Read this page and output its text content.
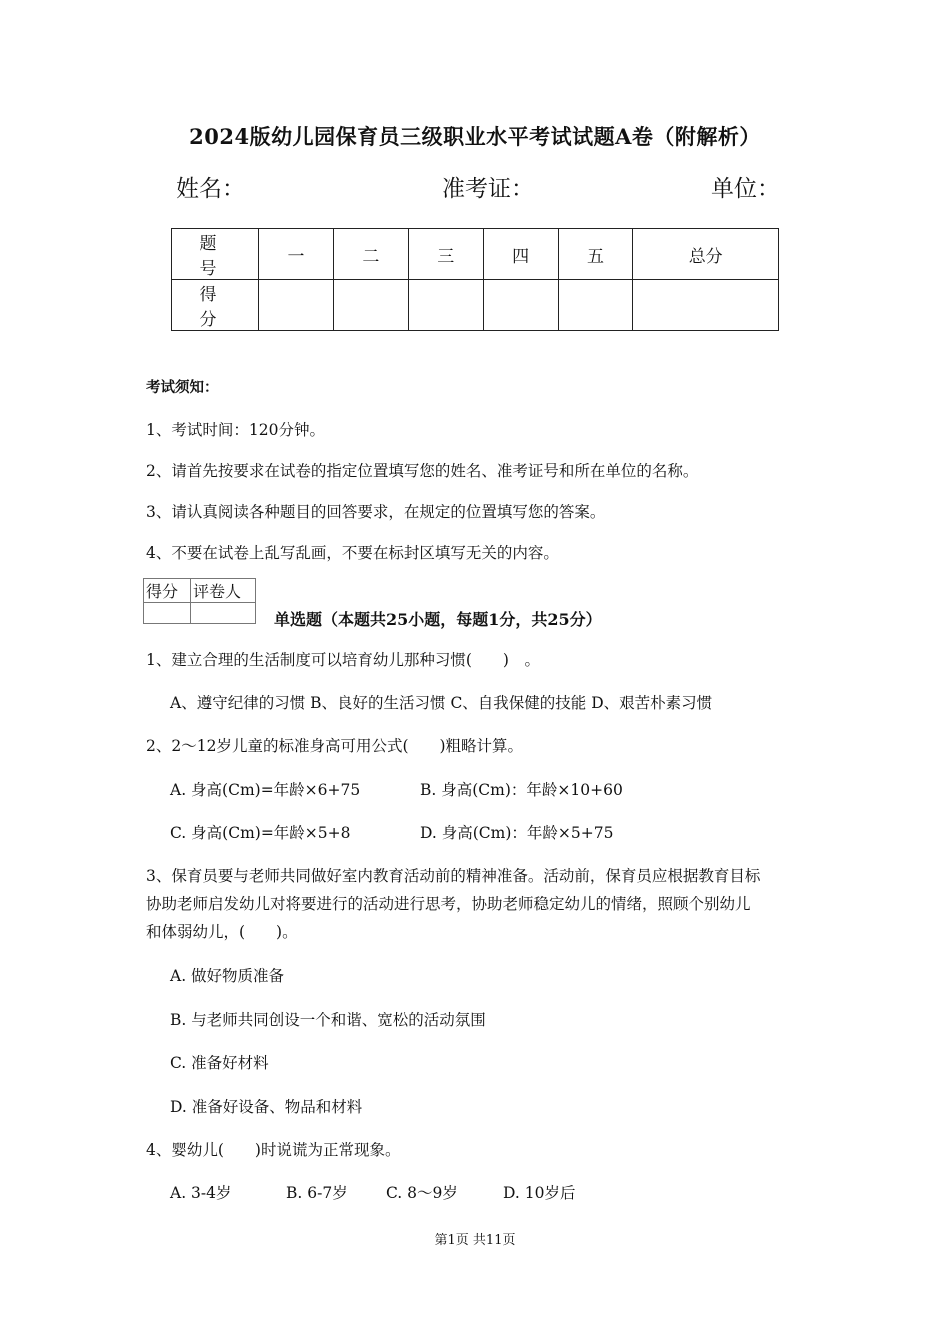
2024版幼儿园保育员三级职业水平考试试题A卷（附解析）
姓名：	准考证：	单位：
题　号	一	二	三	四	五	总分
得　分						
考试须知：
1、考试时间：120分钟。
2、请首先按要求在试卷的指定位置填写您的姓名、准考证号和所在单位的名称。
3、请认真阅读各种题目的回答要求，在规定的位置填写您的答案。
4、不要在试卷上乱写乱画，不要在标封区填写无关的内容。
得分	评卷人

单选题（本题共25小题，每题1分，共25分）
1、建立合理的生活制度可以培育幼儿那种习惯(　　)　。
A、遵守纪律的习惯 B、良好的生活习惯 C、自我保健的技能 D、艰苦朴素习惯
2、2～12岁儿童的标准身高可用公式(　　)粗略计算。
A. 身高(Cm)=年龄×6+75	B. 身高(Cm)：年龄×10+60
C. 身高(Cm)=年龄×5+8	D. 身高(Cm)：年龄×5+75
3、保育员要与老师共同做好室内教育活动前的精神准备。活动前，保育员应根据教育目标
协助老师启发幼儿对将要进行的活动进行思考，协助老师稳定幼儿的情绪，照顾个别幼儿
和体弱幼儿，(　　)。
A. 做好物质准备
B. 与老师共同创设一个和谐、宽松的活动氛围
C. 准备好材料
D. 准备好设备、物品和材料
4、婴幼儿(　　)时说谎为正常现象。
A. 3-4岁	B. 6-7岁 C. 8～9岁	D. 10岁后
第1页 共11页
